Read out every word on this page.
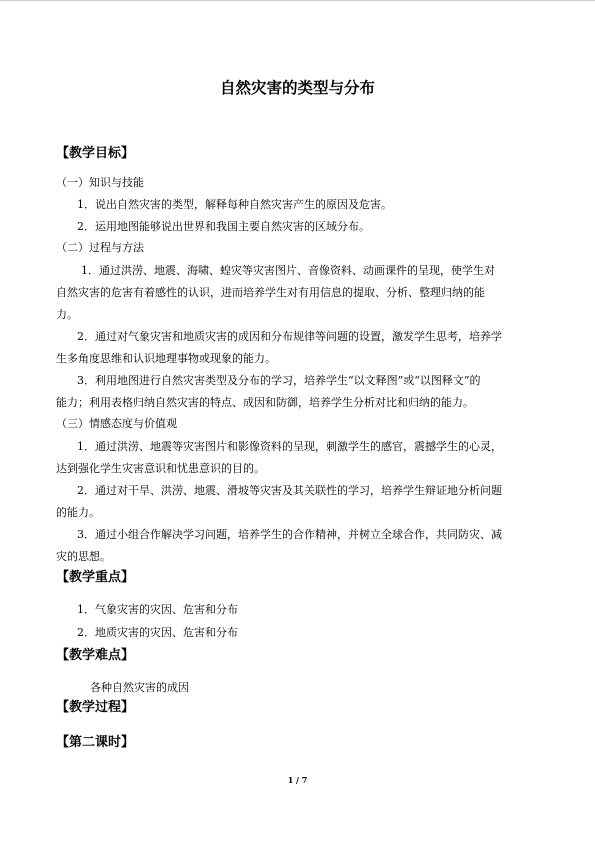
自然灾害的类型与分布
【教学目标】
（一）知识与技能
1．说出自然灾害的类型，解释每种自然灾害产生的原因及危害。
2．运用地图能够说出世界和我国主要自然灾害的区域分布。
（二）过程与方法
1．通过洪涝、地震、海啸、蝗灾等灾害图片、音像资料、动画课件的呈现，使学生对
自然灾害的危害有着感性的认识，进而培养学生对有用信息的提取、分析、整理归纳的能
力。
2．通过对气象灾害和地质灾害的成因和分布规律等问题的设置，激发学生思考，培养学
生多角度思维和认识地理事物或现象的能力。
3．利用地图进行自然灾害类型及分布的学习，培养学生“以文释图”或“以图释文”的
能力；利用表格归纳自然灾害的特点、成因和防御，培养学生分析对比和归纳的能力。
（三）情感态度与价值观
1．通过洪涝、地震等灾害图片和影像资料的呈现，刺激学生的感官，震撼学生的心灵，
达到强化学生灾害意识和忧患意识的目的。
2．通过对干旱、洪涝、地震、滑坡等灾害及其关联性的学习，培养学生辩证地分析问题
的能力。
3．通过小组合作解决学习问题，培养学生的合作精神，并树立全球合作，共同防灾、减
灾的思想。
【教学重点】
1．气象灾害的灾因、危害和分布
2．地质灾害的灾因、危害和分布
【教学难点】
各种自然灾害的成因
【教学过程】
【第二课时】
1 / 7
